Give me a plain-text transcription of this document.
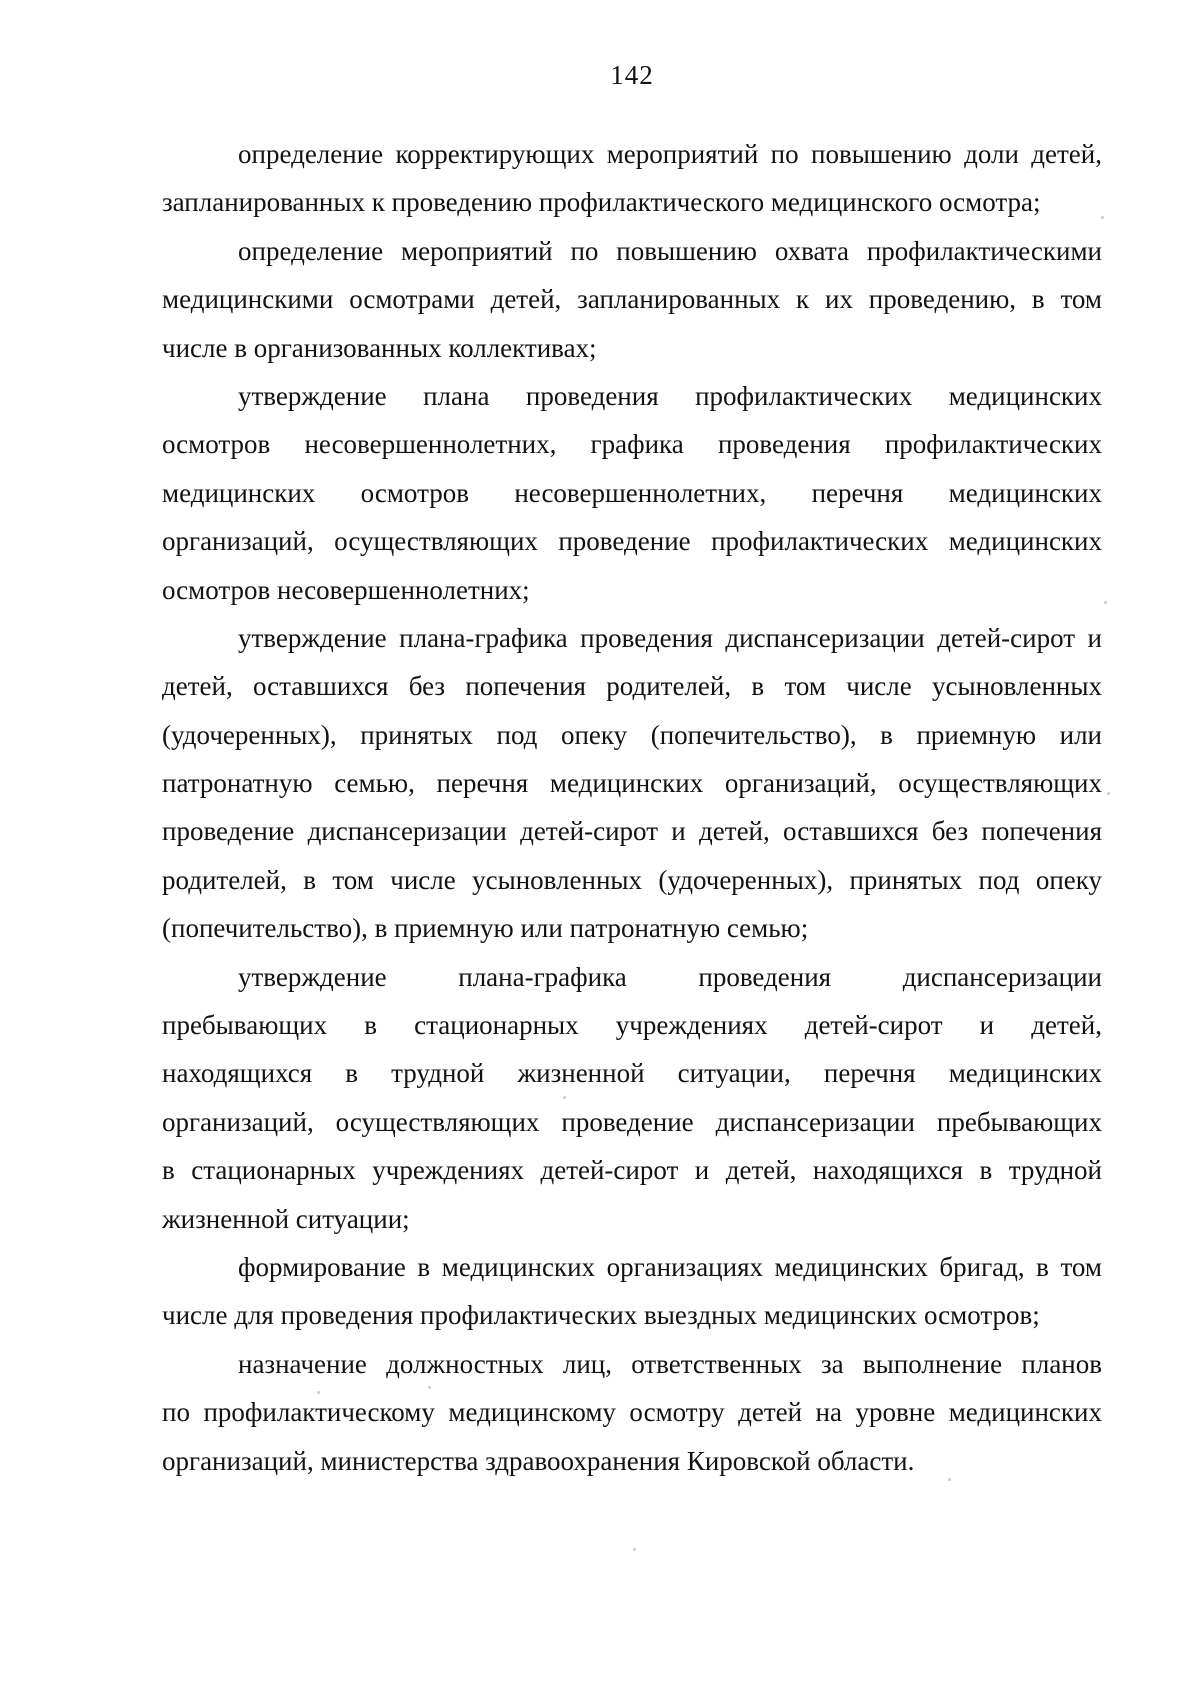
142

определение корректирующих мероприятий по повышению доли детей,
запланированных к проведению профилактического медицинского осмотра;

определение мероприятий по повышению охвата профилактическими
медицинскими осмотрами детей, запланированных к их проведению, в том
числе в организованных коллективах;

утверждение плана проведения профилактических медицинских
осмотров несовершеннолетних, графика проведения профилактических
медицинских осмотров несовершеннолетних, перечня медицинских
организаций, осуществляющих проведение профилактических медицинских
осмотров несовершеннолетних;

утверждение плана-графика проведения диспансеризации детей-сирот и
детей, оставшихся без попечения родителей, в том числе усыновленных
(удочеренных), принятых под опеку (попечительство), в приемную или
патронатную семью, перечня медицинских организаций, осуществляющих
проведение диспансеризации детей-сирот и детей, оставшихся без попечения
родителей, в том числе усыновленных (удочеренных), принятых под опеку
(попечительство), в приемную или патронатную семью;

утверждение плана-графика проведения диспансеризации
пребывающих в стационарных учреждениях детей-сирот и детей,
находящихся в трудной жизненной ситуации, перечня медицинских
организаций, осуществляющих проведение диспансеризации пребывающих
в стационарных учреждениях детей-сирот и детей, находящихся в трудной
жизненной ситуации;

формирование в медицинских организациях медицинских бригад, в том
числе для проведения профилактических выездных медицинских осмотров;

назначение должностных лиц, ответственных за выполнение планов
по профилактическому медицинскому осмотру детей на уровне медицинских
организаций, министерства здравоохранения Кировской области.
